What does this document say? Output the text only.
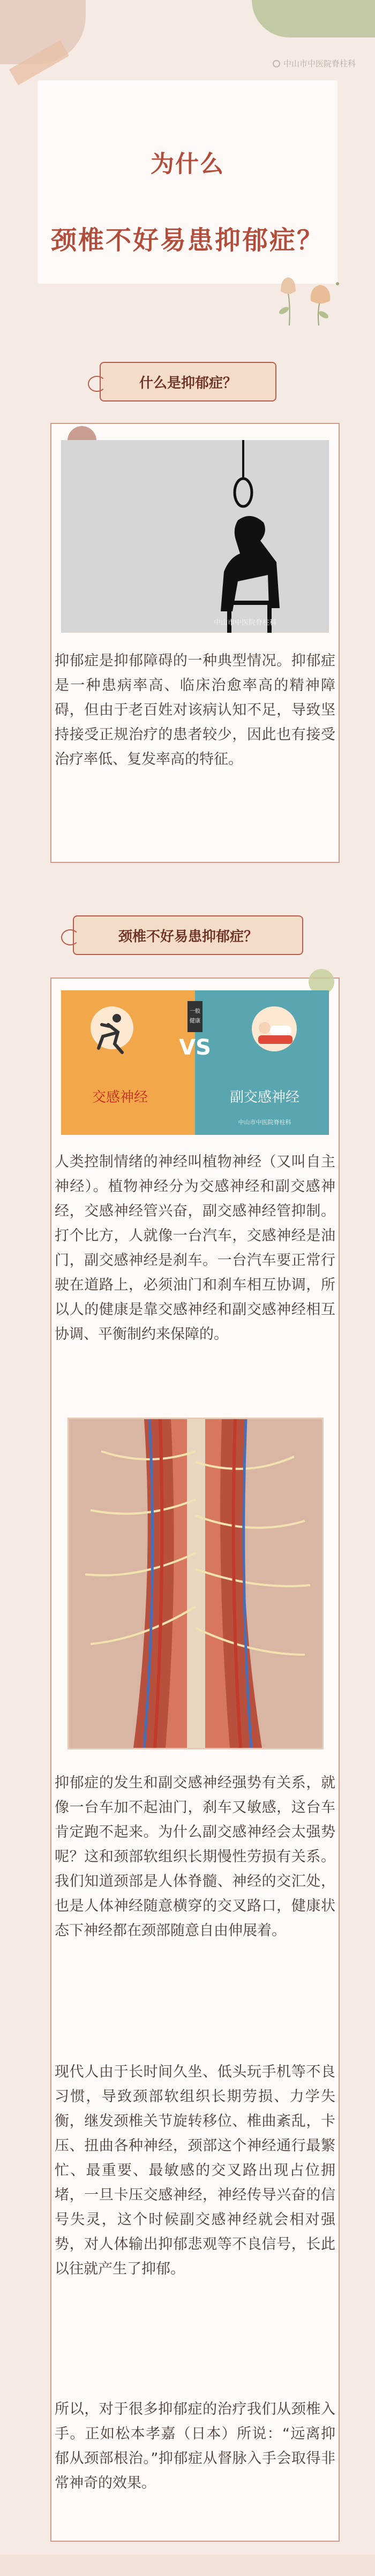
中山市中医院脊柱科
为什么
颈椎不好易患抑郁症？
什么是抑郁症？
中山市中医院脊柱科
抑郁症是抑郁障碍的一种典型情况。抑郁症是一种患病率高、临床治愈率高的精神障碍，但由于老百姓对该病认知不足，导致坚持接受正规治疗的患者较少，因此也有接受治疗率低、复发率高的特征。
颈椎不好易患抑郁症？
一般
健康
VS
交感神经	副交感神经
中山市中医院脊柱科
人类控制情绪的神经叫植物神经（又叫自主神经）。植物神经分为交感神经和副交感神经，交感神经管兴奋，副交感神经管抑制。打个比方，人就像一台汽车，交感神经是油门，副交感神经是刹车。一台汽车要正常行驶在道路上，必须油门和刹车相互协调，所以人的健康是靠交感神经和副交感神经相互协调、平衡制约来保障的。
抑郁症的发生和副交感神经强势有关系，就像一台车加不起油门，刹车又敏感，这台车肯定跑不起来。为什么副交感神经会太强势呢？这和颈部软组织长期慢性劳损有关系。我们知道颈部是人体脊髓、神经的交汇处，也是人体神经随意横穿的交叉路口，健康状态下神经都在颈部随意自由伸展着。
现代人由于长时间久坐、低头玩手机等不良习惯，导致颈部软组织长期劳损、力学失衡，继发颈椎关节旋转移位、椎曲紊乱，卡压、扭曲各种神经，颈部这个神经通行最繁忙、最重要、最敏感的交叉路出现占位拥堵，一旦卡压交感神经，神经传导兴奋的信号失灵，这个时候副交感神经就会相对强势，对人体输出抑郁悲观等不良信号，长此以往就产生了抑郁。
所以，对于很多抑郁症的治疗我们从颈椎入手。正如松本孝嘉（日本）所说：“远离抑郁从颈部根治。”抑郁症从督脉入手会取得非常神奇的效果。
